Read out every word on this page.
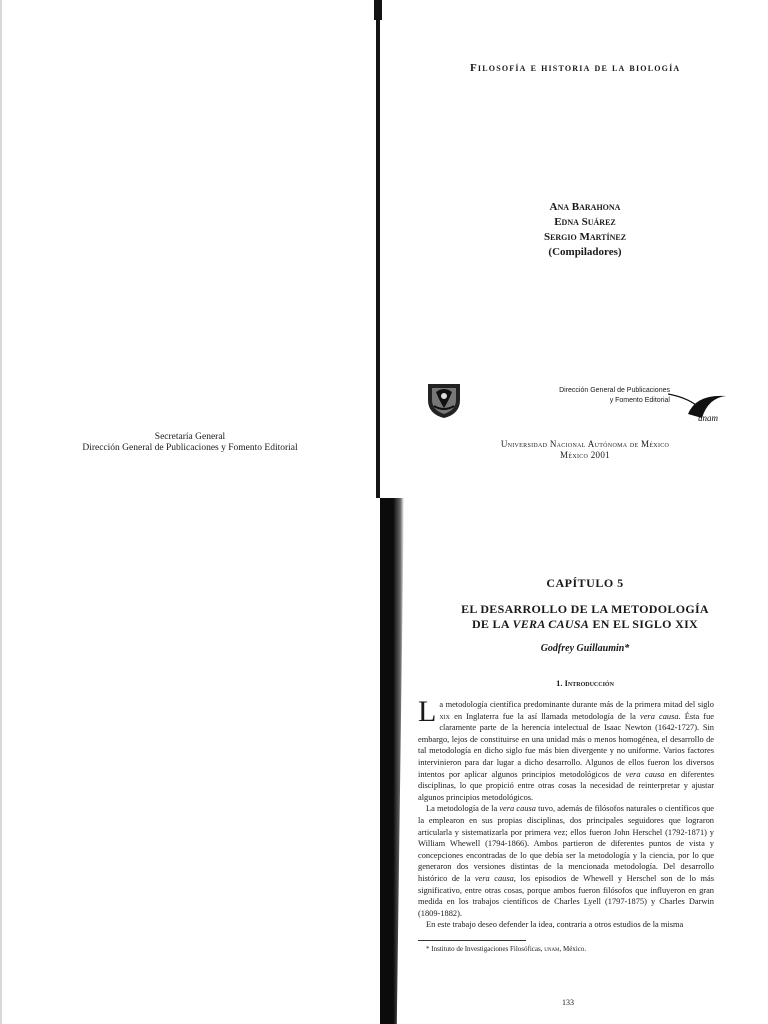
Secretaría General
Dirección General de Publicaciones y Fomento Editorial
Filosofía e historia de la biología
Ana Barahona
Edna Suárez
Sergio Martínez
(Compiladores)
Dirección General de Publicaciones
y Fomento Editorial
unam
Universidad Nacional Autónoma de México
México 2001
CAPÍTULO 5
EL DESARROLLO DE LA METODOLOGÍA
DE LA VERA CAUSA EN EL SIGLO XIX
Godfrey Guillaumin*
1. Introducción

La metodología científica predominante durante más de la primera mitad del siglo xix en Inglaterra fue la así llamada metodología de la vera causa. Ésta fue claramente parte de la herencia intelectual de Isaac Newton (1642-1727). Sin embargo, lejos de constituirse en una unidad más o menos homogénea, el desarrollo de tal metodología en dicho siglo fue más bien divergente y no uniforme. Varios factores intervinieron para dar lugar a dicho desarrollo. Algunos de ellos fueron los diversos intentos por aplicar algunos principios metodológicos de vera causa en diferentes disciplinas, lo que propició entre otras cosas la necesidad de reinterpretar y ajustar algunos principios metodológicos.

La metodología de la vera causa tuvo, además de filósofos naturales o científicos que la emplearon en sus propias disciplinas, dos principales seguidores que lograron articularla y sistematizarla por primera vez; ellos fueron John Herschel (1792-1871) y William Whewell (1794-1866). Ambos partieron de diferentes puntos de vista y concepciones encontradas de lo que debía ser la metodología y la ciencia, por lo que generaron dos versiones distintas de la mencionada metodología. Del desarrollo histórico de la vera causa, los episodios de Whewell y Herschel son de lo más significativo, entre otras cosas, porque ambos fueron filósofos que influyeron en gran medida en los trabajos científicos de Charles Lyell (1797-1875) y Charles Darwin (1809-1882).

En este trabajo deseo defender la idea, contraria a otros estudios de la misma

* Instituto de Investigaciones Filosóficas, unam, México.
133
